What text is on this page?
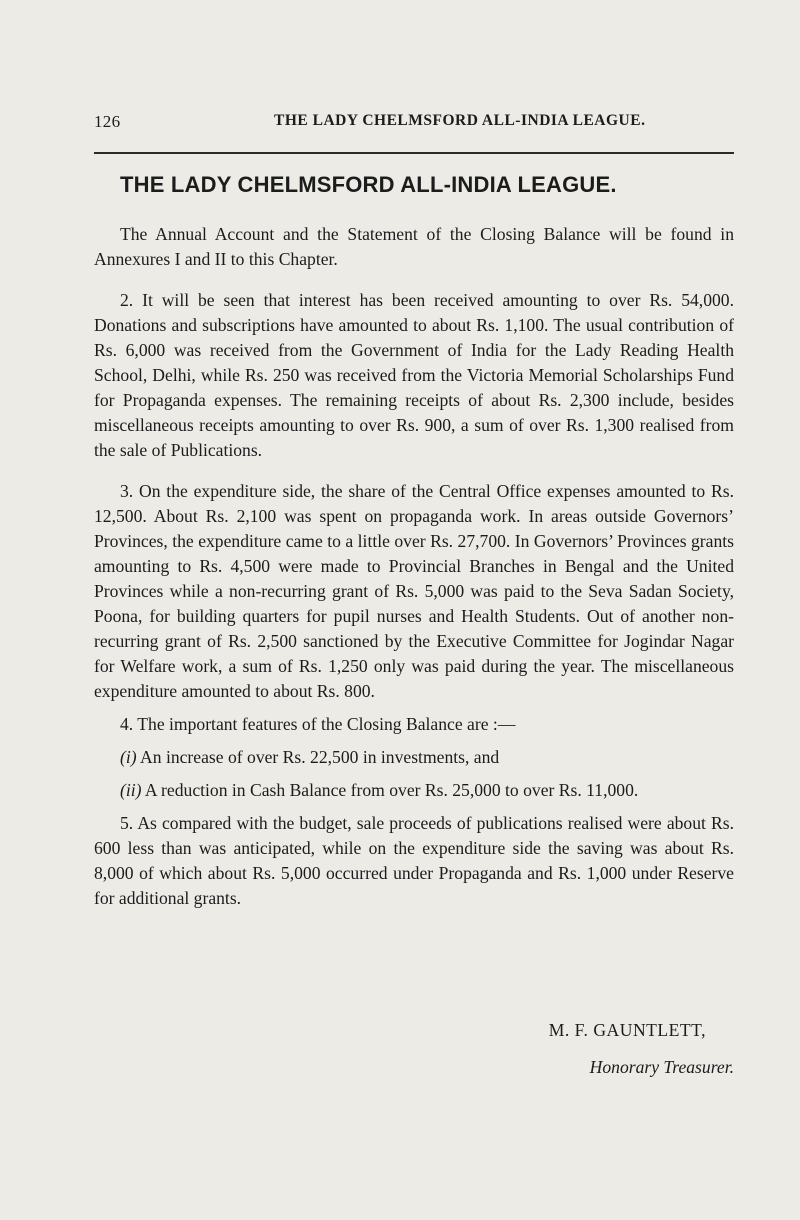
126	THE LADY CHELMSFORD ALL-INDIA LEAGUE.
THE LADY CHELMSFORD ALL-INDIA LEAGUE.

The Annual Account and the Statement of the Closing Balance will be found in Annexures I and II to this Chapter.

2. It will be seen that interest has been received amounting to over Rs. 54,000. Donations and subscriptions have amounted to about Rs. 1,100. The usual contribution of Rs. 6,000 was received from the Government of India for the Lady Reading Health School, Delhi, while Rs. 250 was received from the Victoria Memorial Scholarships Fund for Propaganda expenses. The remaining receipts of about Rs. 2,300 include, besides miscellaneous receipts amounting to over Rs. 900, a sum of over Rs. 1,300 realised from the sale of Publications.

3. On the expenditure side, the share of the Central Office expenses amounted to Rs. 12,500. About Rs. 2,100 was spent on propaganda work. In areas outside Governors’ Provinces, the expenditure came to a little over Rs. 27,700. In Governors’ Provinces grants amounting to Rs. 4,500 were made to Provincial Branches in Bengal and the United Provinces while a non-recurring grant of Rs. 5,000 was paid to the Seva Sadan Society, Poona, for building quarters for pupil nurses and Health Students. Out of another non-recurring grant of Rs. 2,500 sanctioned by the Executive Committee for Jogindar Nagar for Welfare work, a sum of Rs. 1,250 only was paid during the year. The miscellaneous expenditure amounted to about Rs. 800.

4. The important features of the Closing Balance are :—

(i) An increase of over Rs. 22,500 in investments, and

(ii) A reduction in Cash Balance from over Rs. 25,000 to over Rs. 11,000.

5. As compared with the budget, sale proceeds of publications realised were about Rs. 600 less than was anticipated, while on the expenditure side the saving was about Rs. 8,000 of which about Rs. 5,000 occurred under Propaganda and Rs. 1,000 under Reserve for additional grants.

M. F. GAUNTLETT,
Honorary Treasurer.
